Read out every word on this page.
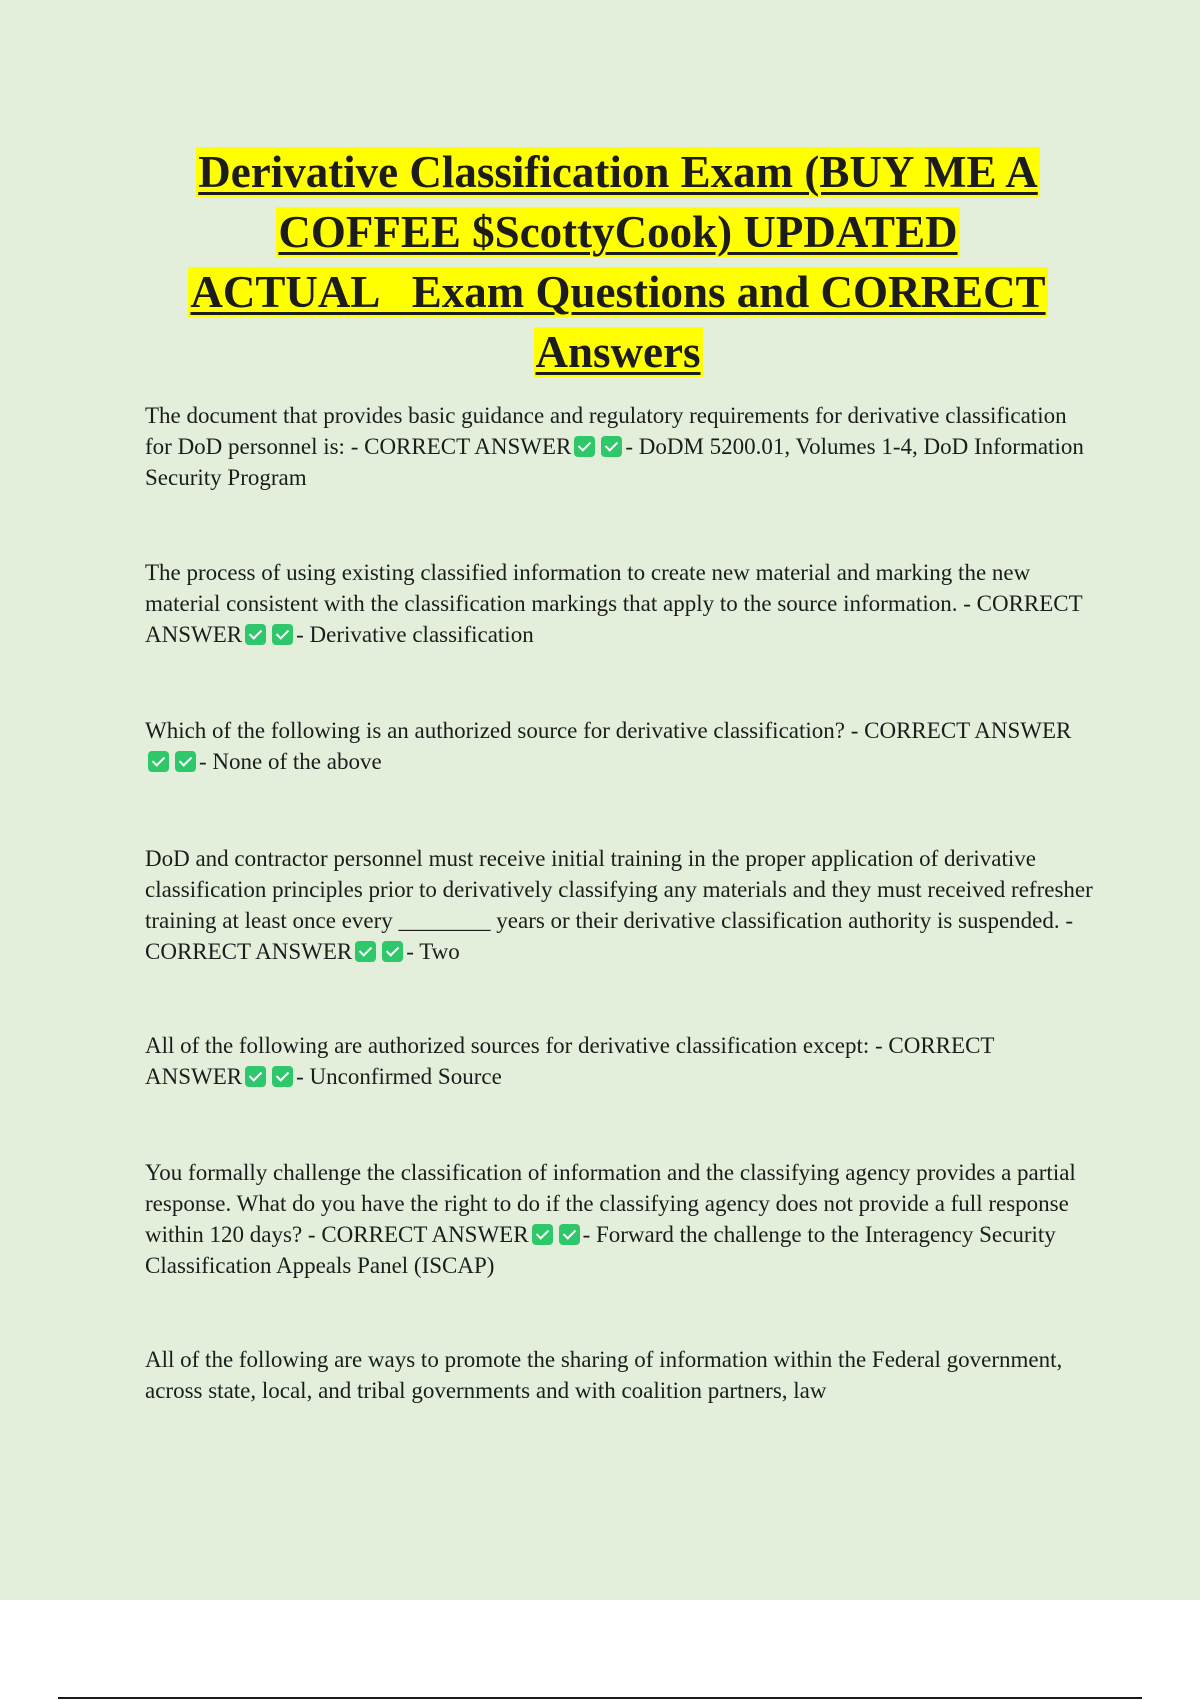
Derivative Classification Exam (BUY ME A
COFFEE $ScottyCook) UPDATED
ACTUAL   Exam Questions and CORRECT
Answers

The document that provides basic guidance and regulatory requirements for derivative classification for DoD personnel is: - CORRECT ANSWER - DoDM 5200.01, Volumes 1-4, DoD Information Security Program

The process of using existing classified information to create new material and marking the new material consistent with the classification markings that apply to the source information. - CORRECT ANSWER - Derivative classification

Which of the following is an authorized source for derivative classification? - CORRECT ANSWER- None of the above

DoD and contractor personnel must receive initial training in the proper application of derivative classification principles prior to derivatively classifying any materials and they must received refresher training at least once every ________ years or their derivative classification authority is suspended. - CORRECT ANSWER - Two

All of the following are authorized sources for derivative classification except: - CORRECT ANSWER - Unconfirmed Source

You formally challenge the classification of information and the classifying agency provides a partial response. What do you have the right to do if the classifying agency does not provide a full response within 120 days? - CORRECT ANSWER - Forward the challenge to the Interagency Security Classification Appeals Panel (ISCAP)

All of the following are ways to promote the sharing of information within the Federal government, across state, local, and tribal governments and with coalition partners, law
